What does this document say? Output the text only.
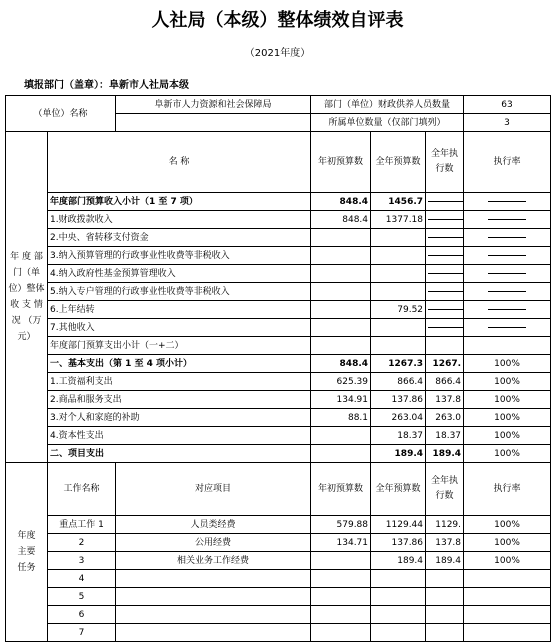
人社局（本级）整体绩效自评表
（2021年度）
填报部门（盖章）：阜新市人社局本级
（单位）名称		阜新市人力资源和社会保障局	部门（单位）财政供养人员数量			63
			所属单位数量（仅部门填列）			3
年 度 部门（单位）整体收 支 情 况 （万元）	名 称		年初预算数	全年预算数	全年执行数	执行率
	年度部门预算收入小计（1 至 7 项）		848.4	1456.7		
	1.财政拨款收入		848.4	1377.18		
	2.中央、省转移支付资金					
	3.纳入预算管理的行政事业性收费等非税收入					
	4.纳入政府性基金预算管理收入					
	5.纳入专户管理的行政事业性收费等非税收入					
	6.上年结转			79.52		
	7.其他收入					
	年度部门预算支出小计（一+二）					
	一、基本支出（第 1 至 4 项小计）		848.4	1267.3	1267.	100%
	1.工资福利支出		625.39	866.4	866.4	100%
	2.商品和服务支出		134.91	137.86	137.8	100%
	3.对个人和家庭的补助		88.1	263.04	263.0	100%
	4.资本性支出			18.37	18.37	100%
	二、项目支出			189.4	189.4	100%
年度主要任务	工作名称	对应项目	年初预算数	全年预算数	全年执行数	执行率
	重点工作 1	人员类经费	579.88	1129.44	1129.	100%
	2	公用经费	134.71	137.86	137.8	100%
	3	相关业务工作经费		189.4	189.4	100%
	4					
	5					
	6					
	7					
